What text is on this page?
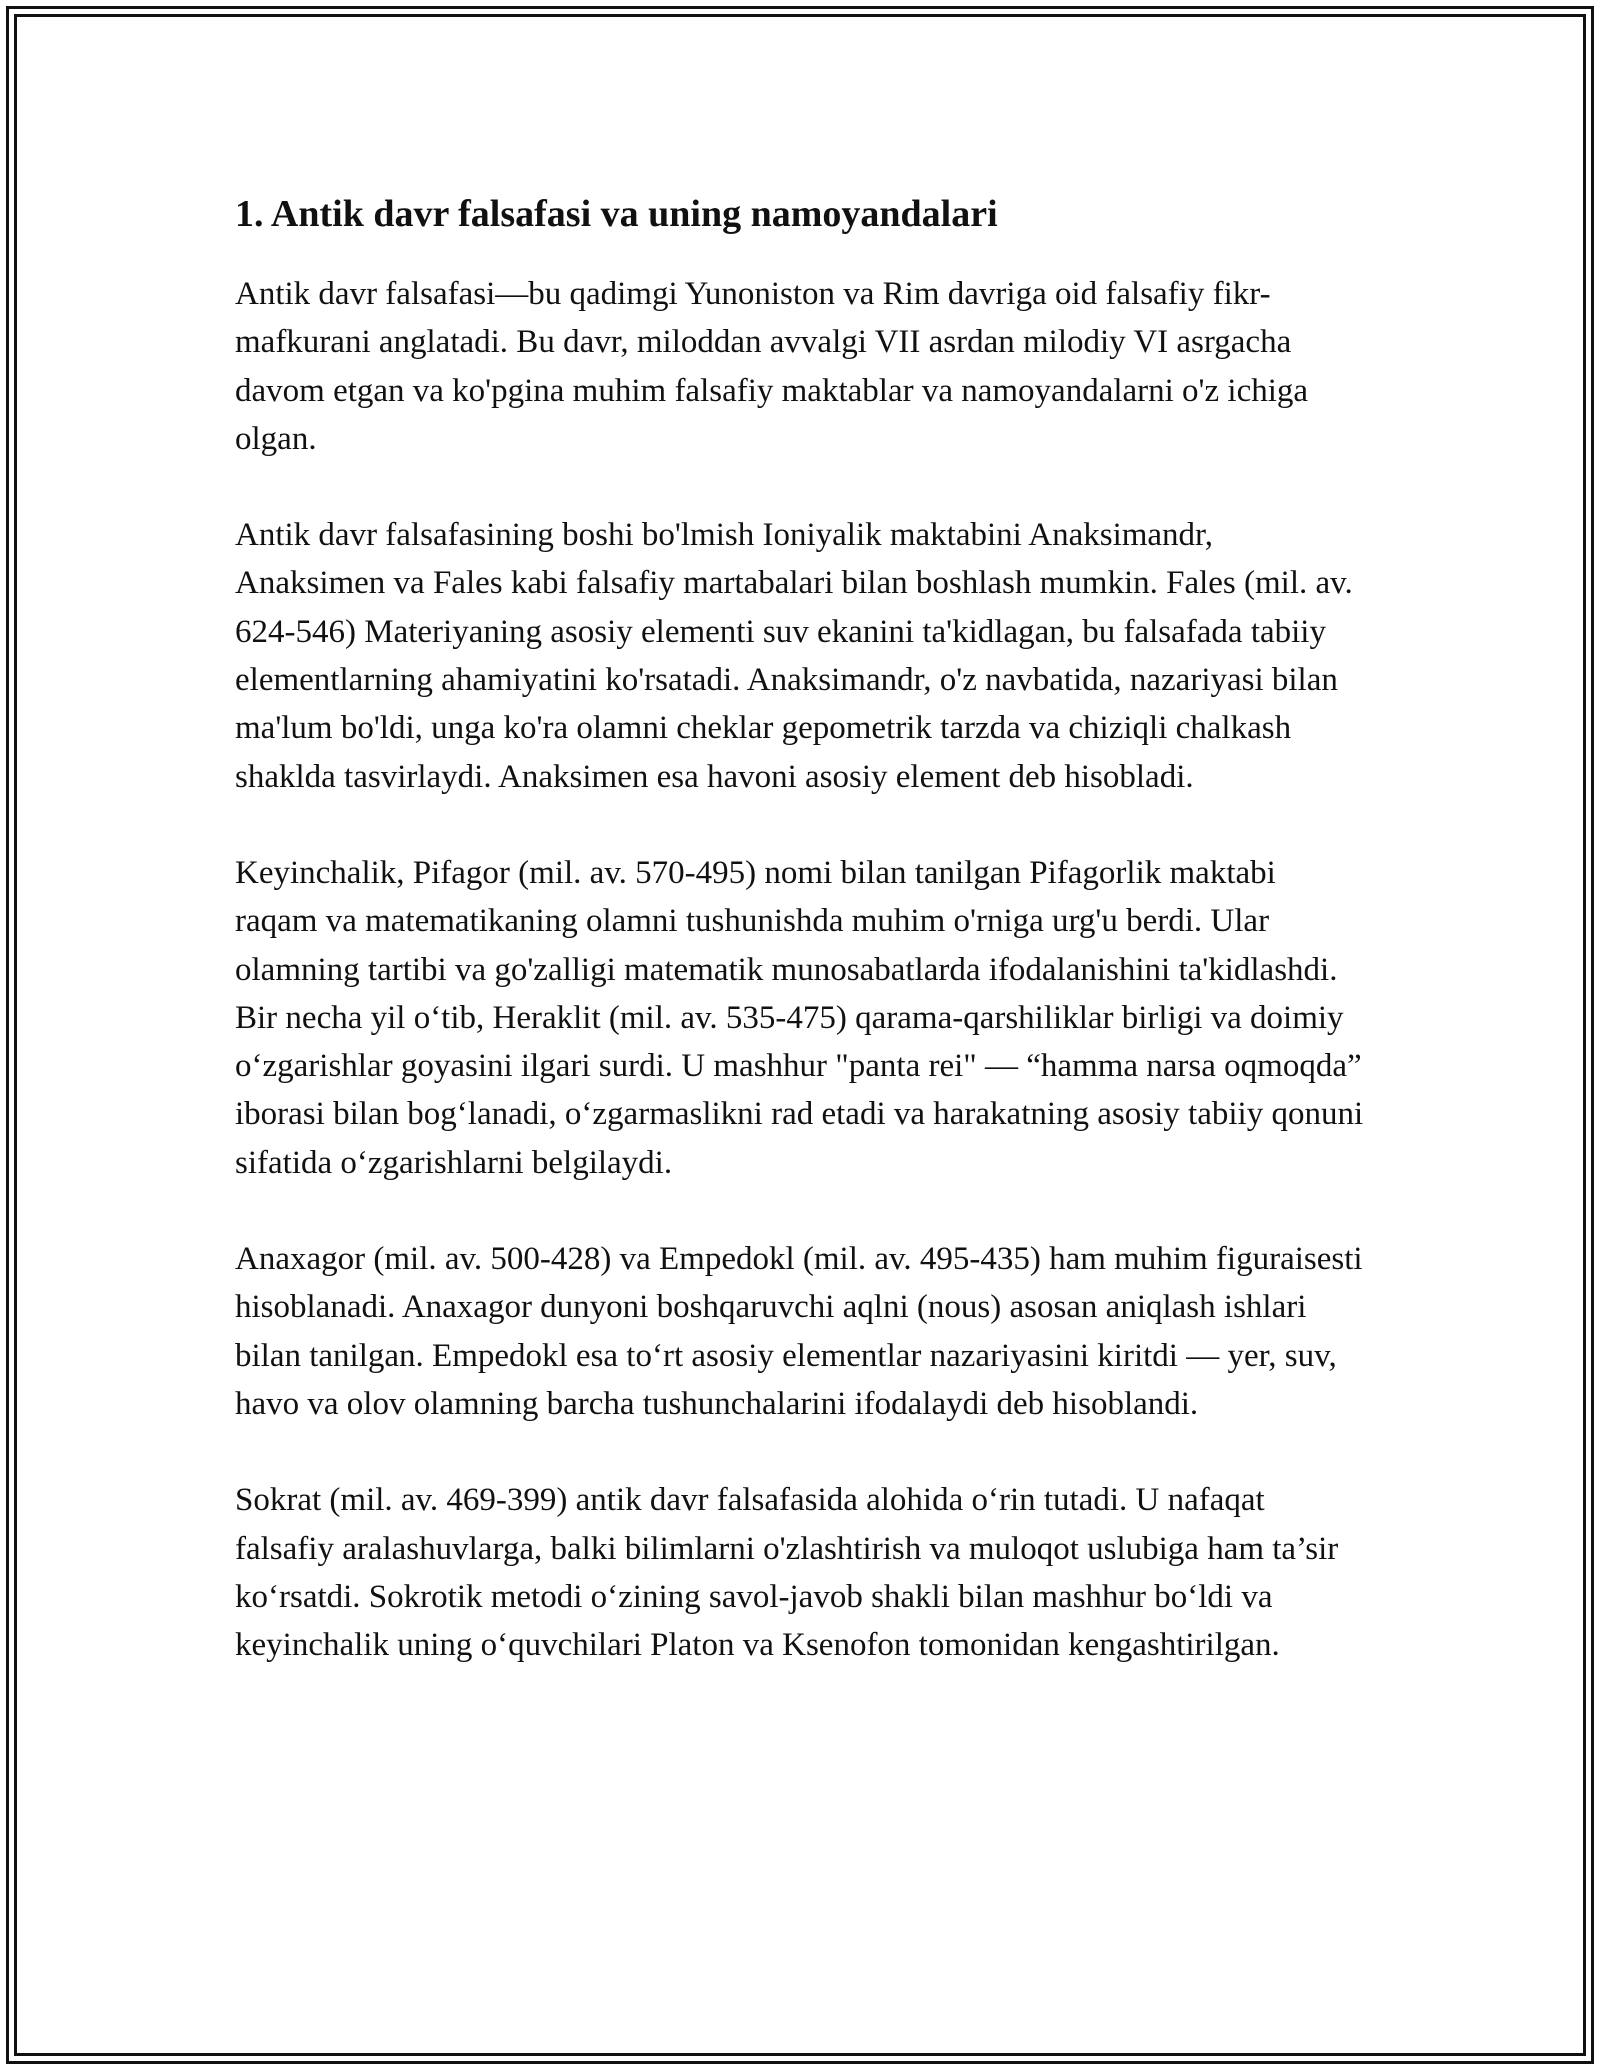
1. Antik davr falsafasi va uning namoyandalari

Antik davr falsafasi—bu qadimgi Yunoniston va Rim davriga oid falsafiy fikr-mafkurani anglatadi. Bu davr, miloddan avvalgi VII asrdan milodiy VI asrgacha davom etgan va ko'pgina muhim falsafiy maktablar va namoyandalarni o'z ichiga olgan.

Antik davr falsafasining boshi bo'lmish Ioniyalik maktabini Anaksimandr, Anaksimen va Fales kabi falsafiy martabalari bilan boshlash mumkin. Fales (mil. av. 624-546) Materiyaning asosiy elementi suv ekanini ta'kidlagan, bu falsafada tabiiy elementlarning ahamiyatini ko'rsatadi. Anaksimandr, o'z navbatida, nazariyasi bilan ma'lum bo'ldi, unga ko'ra olamni cheklar gepometrik tarzda va chiziqli chalkash shaklda tasvirlaydi. Anaksimen esa havoni asosiy element deb hisobladi.

Keyinchalik, Pifagor (mil. av. 570-495) nomi bilan tanilgan Pifagorlik maktabi raqam va matematikaning olamni tushunishda muhim o'rniga urg'u berdi. Ular olamning tartibi va go'zalligi matematik munosabatlarda ifodalanishini ta'kidlashdi. Bir necha yil o‘tib, Heraklit (mil. av. 535-475) qarama-qarshiliklar birligi va doimiy o‘zgarishlar goyasini ilgari surdi. U mashhur "panta rei" — “hamma narsa oqmoqda” iborasi bilan bog‘lanadi, o‘zgarmaslikni rad etadi va harakatning asosiy tabiiy qonuni sifatida o‘zgarishlarni belgilaydi.

Anaxagor (mil. av. 500-428) va Empedokl (mil. av. 495-435) ham muhim figuraisesti hisoblanadi. Anaxagor dunyoni boshqaruvchi aqlni (nous) asosan aniqlash ishlari bilan tanilgan. Empedokl esa to‘rt asosiy elementlar nazariyasini kiritdi — yer, suv, havo va olov olamning barcha tushunchalarini ifodalaydi deb hisoblandi.

Sokrat (mil. av. 469-399) antik davr falsafasida alohida o‘rin tutadi. U nafaqat falsafiy aralashuvlarga, balki bilimlarni o'zlashtirish va muloqot uslubiga ham ta’sir ko‘rsatdi. Sokrotik metodi o‘zining savol-javob shakli bilan mashhur bo‘ldi va keyinchalik uning o‘quvchilari Platon va Ksenofon tomonidan kengashtirilgan.
